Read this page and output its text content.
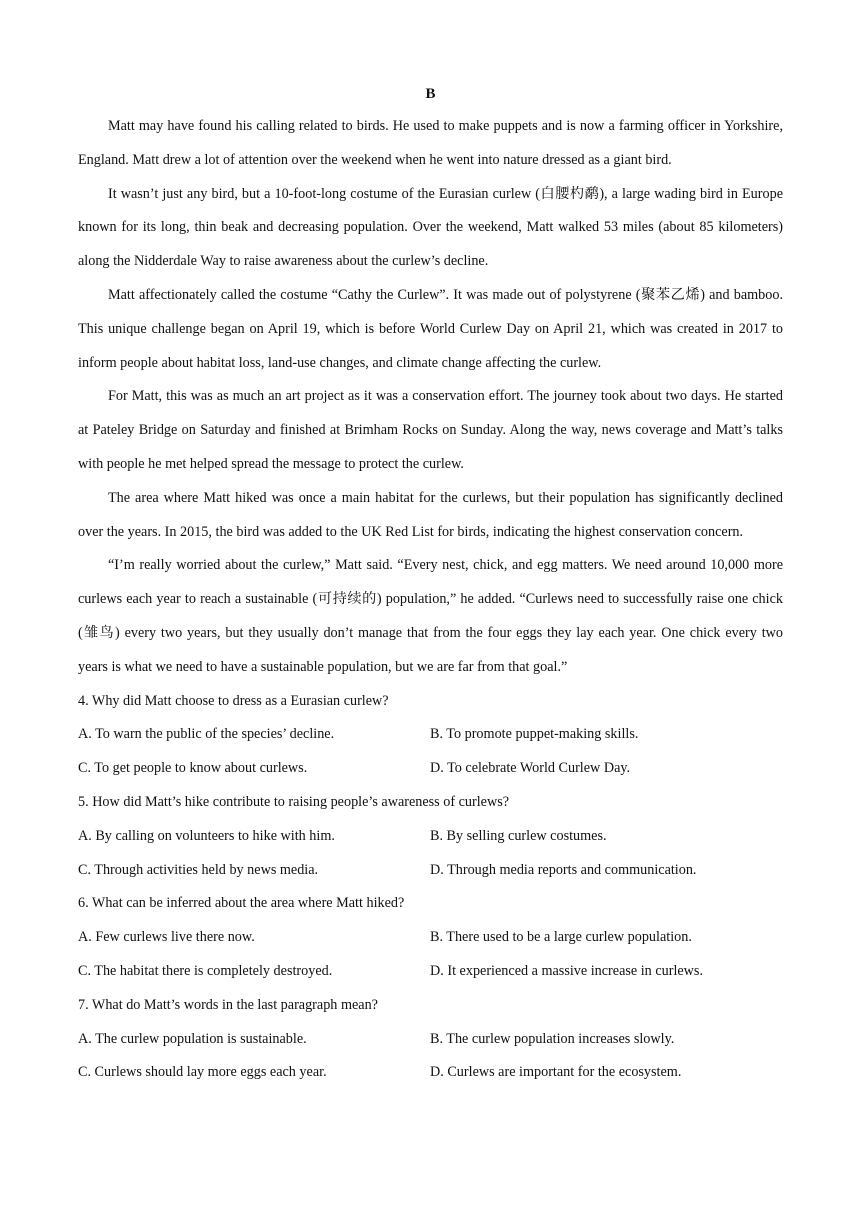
B

Matt may have found his calling related to birds. He used to make puppets and is now a farming officer in Yorkshire, England. Matt drew a lot of attention over the weekend when he went into nature dressed as a giant bird.

It wasn’t just any bird, but a 10-foot-long costume of the Eurasian curlew (白腰杓鹬), a large wading bird in Europe known for its long, thin beak and decreasing population. Over the weekend, Matt walked 53 miles (about 85 kilometers) along the Nidderdale Way to raise awareness about the curlew’s decline.

Matt affectionately called the costume “Cathy the Curlew”. It was made out of polystyrene (聚苯乙烯) and bamboo. This unique challenge began on April 19, which is before World Curlew Day on April 21, which was created in 2017 to inform people about habitat loss, land-use changes, and climate change affecting the curlew.

For Matt, this was as much an art project as it was a conservation effort. The journey took about two days. He started at Pateley Bridge on Saturday and finished at Brimham Rocks on Sunday. Along the way, news coverage and Matt’s talks with people he met helped spread the message to protect the curlew.

The area where Matt hiked was once a main habitat for the curlews, but their population has significantly declined over the years. In 2015, the bird was added to the UK Red List for birds, indicating the highest conservation concern.

“I’m really worried about the curlew,” Matt said. “Every nest, chick, and egg matters. We need around 10,000 more curlews each year to reach a sustainable (可持续的) population,” he added. “Curlews need to successfully raise one chick (雏鸟) every two years, but they usually don’t manage that from the four eggs they lay each year. One chick every two years is what we need to have a sustainable population, but we are far from that goal.”

4. Why did Matt choose to dress as a Eurasian curlew?

A. To warn the public of the species’ decline.	B. To promote puppet-making skills.
C. To get people to know about curlews.	D. To celebrate World Curlew Day.

5. How did Matt’s hike contribute to raising people’s awareness of curlews?

A. By calling on volunteers to hike with him.	B. By selling curlew costumes.
C. Through activities held by news media.	D. Through media reports and communication.

6. What can be inferred about the area where Matt hiked?

A. Few curlews live there now.	B. There used to be a large curlew population.
C. The habitat there is completely destroyed.	D. It experienced a massive increase in curlews.

7. What do Matt’s words in the last paragraph mean?

A. The curlew population is sustainable.	B. The curlew population increases slowly.
C. Curlews should lay more eggs each year.	D. Curlews are important for the ecosystem.
